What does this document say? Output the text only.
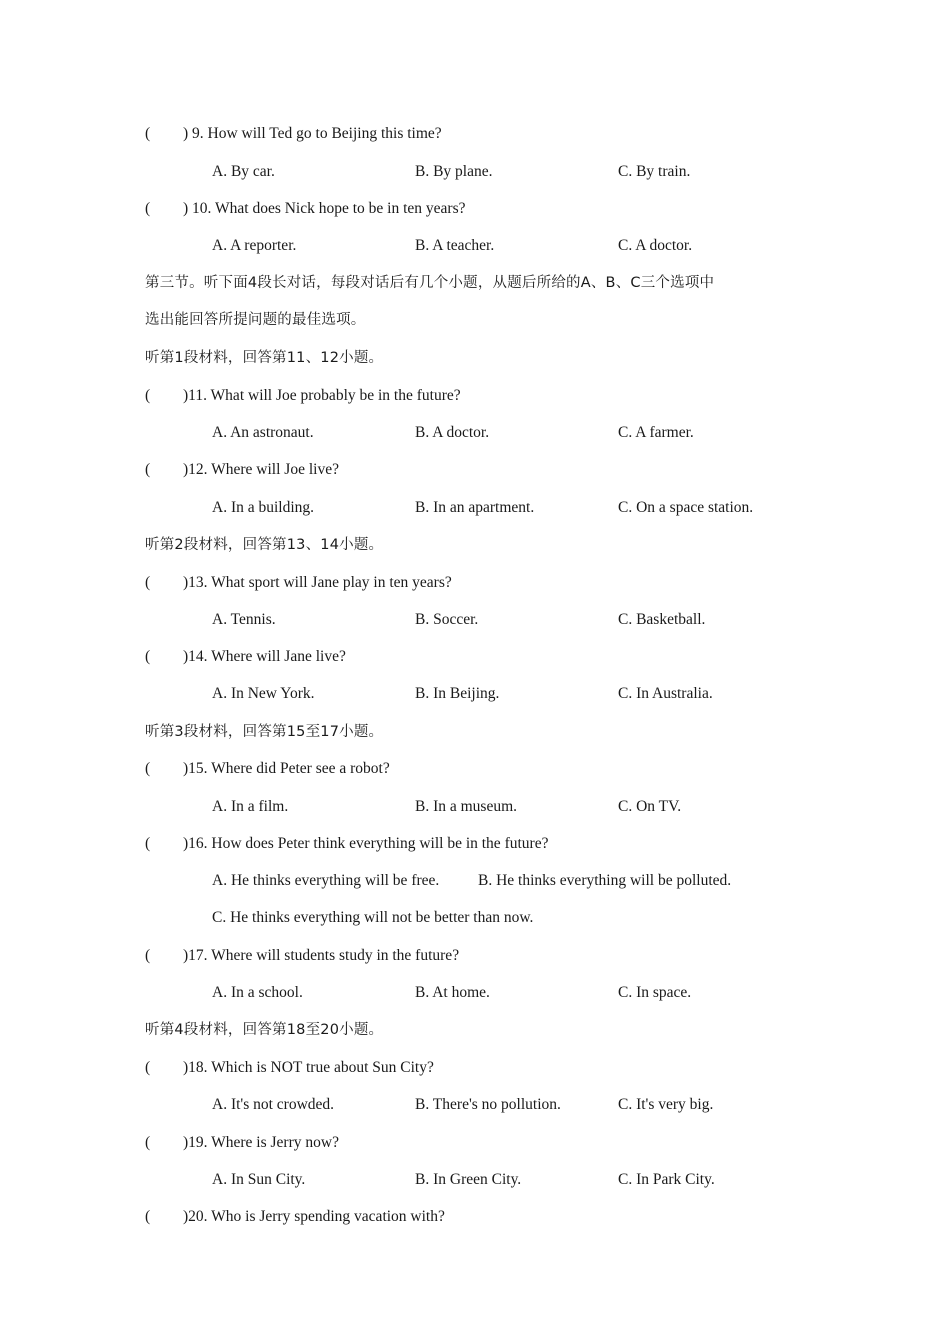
( ) 9. How will Ted go to Beijing this time?
A. By car.	B. By plane.	C. By train.
( ) 10. What does Nick hope to be in ten years?
A. A reporter.	B. A teacher.	C. A doctor.
第三节。听下面4段长对话，每段对话后有几个小题，从题后所给的A、B、C三个选项中
选出能回答所提问题的最佳选项。
听第1段材料，回答第11、12小题。
( )11. What will Joe probably be in the future?
A. An astronaut.	B. A doctor.	C. A farmer.
( )12. Where will Joe live?
A. In a building.	B. In an apartment.	C. On a space station.
听第2段材料，回答第13、14小题。
( )13. What sport will Jane play in ten years?
A. Tennis.	B. Soccer.	C. Basketball.
( )14. Where will Jane live?
A. In New York.	B. In Beijing.	C. In Australia.
听第3段材料，回答第15至17小题。
( )15. Where did Peter see a robot?
A. In a film.	B. In a museum.	C. On TV.
( )16. How does Peter think everything will be in the future?
A. He thinks everything will be free. B. He thinks everything will be polluted.
C. He thinks everything will not be better than now.
( )17. Where will students study in the future?
A. In a school.	B. At home.	C. In space.
听第4段材料，回答第18至20小题。
( )18. Which is NOT true about Sun City?
A. It's not crowded.	B. There's no pollution.	C. It's very big.
( )19. Where is Jerry now?
A. In Sun City.	B. In Green City.	C. In Park City.
( )20. Who is Jerry spending vacation with?
